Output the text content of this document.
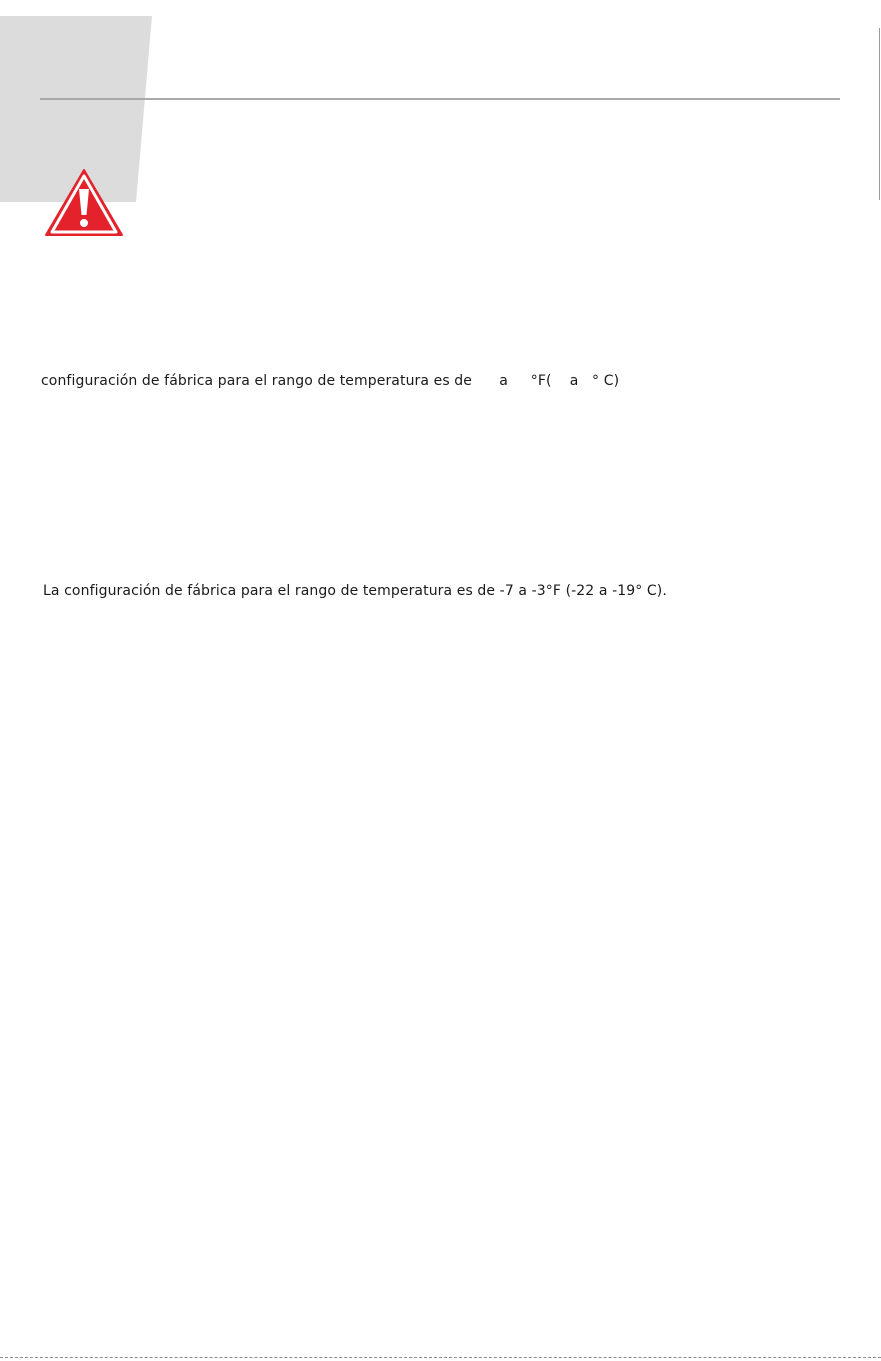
configuración de fábrica para el rango de temperatura es de      a     °F(    a   ° C)
La configuración de fábrica para el rango de temperatura es de -7 a -3°F (-22 a -19° C).
